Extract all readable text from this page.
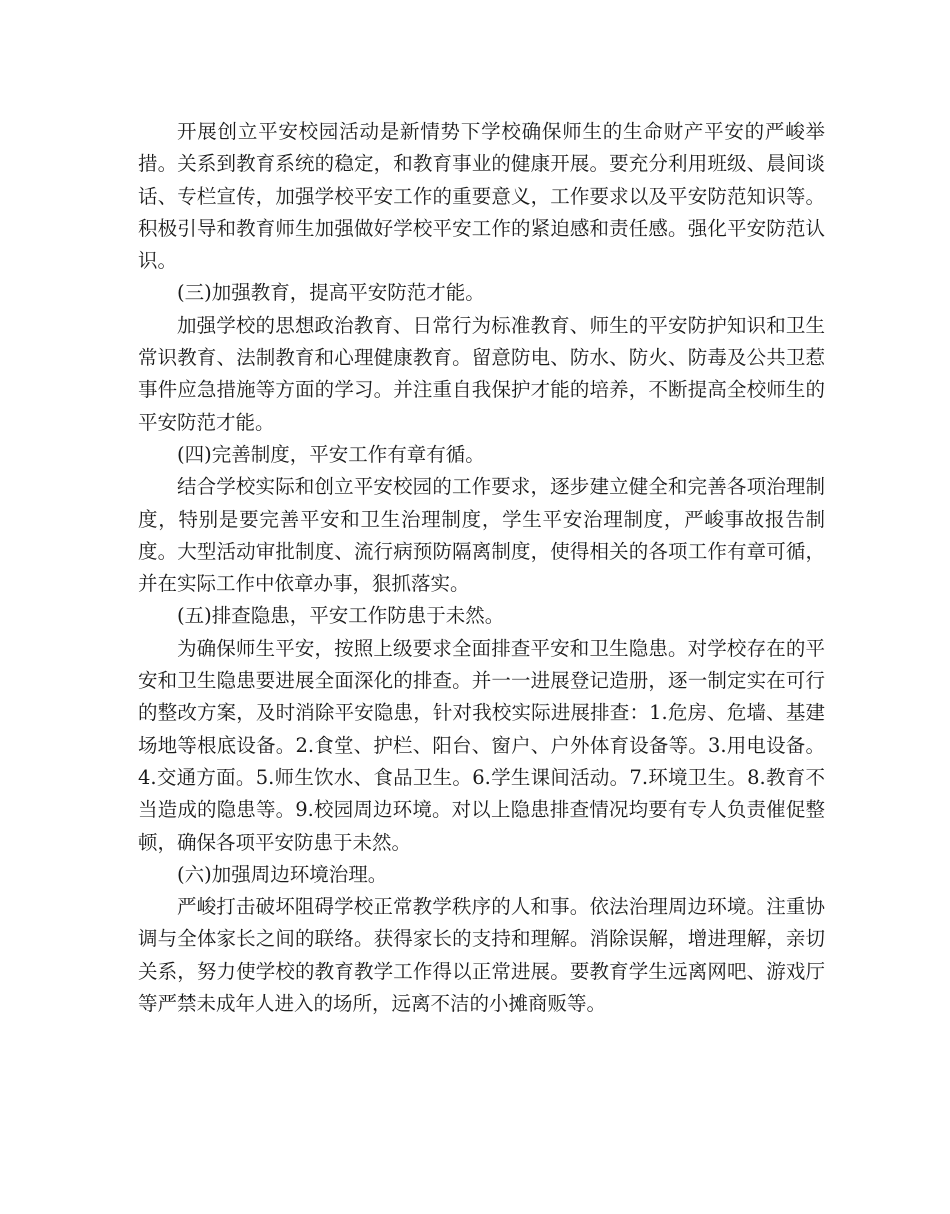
开展创立平安校园活动是新情势下学校确保师生的生命财产平安的严峻举措。关系到教育系统的稳定，和教育事业的健康开展。要充分利用班级、晨间谈话、专栏宣传，加强学校平安工作的重要意义，工作要求以及平安防范知识等。积极引导和教育师生加强做好学校平安工作的紧迫感和责任感。强化平安防范认识。

(三)加强教育，提高平安防范才能。

加强学校的思想政治教育、日常行为标准教育、师生的平安防护知识和卫生常识教育、法制教育和心理健康教育。留意防电、防水、防火、防毒及公共卫惹事件应急措施等方面的学习。并注重自我保护才能的培养，不断提高全校师生的平安防范才能。

(四)完善制度，平安工作有章有循。

结合学校实际和创立平安校园的工作要求，逐步建立健全和完善各项治理制度，特别是要完善平安和卫生治理制度，学生平安治理制度，严峻事故报告制度。大型活动审批制度、流行病预防隔离制度，使得相关的各项工作有章可循，并在实际工作中依章办事，狠抓落实。

(五)排查隐患，平安工作防患于未然。

为确保师生平安，按照上级要求全面排查平安和卫生隐患。对学校存在的平安和卫生隐患要进展全面深化的排查。并一一进展登记造册，逐一制定实在可行的整改方案，及时消除平安隐患，针对我校实际进展排查：1.危房、危墙、基建场地等根底设备。2.食堂、护栏、阳台、窗户、户外体育设备等。3.用电设备。4.交通方面。5.师生饮水、食品卫生。6.学生课间活动。7.环境卫生。8.教育不当造成的隐患等。9.校园周边环境。对以上隐患排查情况均要有专人负责催促整顿，确保各项平安防患于未然。

(六)加强周边环境治理。

严峻打击破坏阻碍学校正常教学秩序的人和事。依法治理周边环境。注重协调与全体家长之间的联络。获得家长的支持和理解。消除误解，增进理解，亲切关系，努力使学校的教育教学工作得以正常进展。要教育学生远离网吧、游戏厅等严禁未成年人进入的场所，远离不洁的小摊商贩等。
